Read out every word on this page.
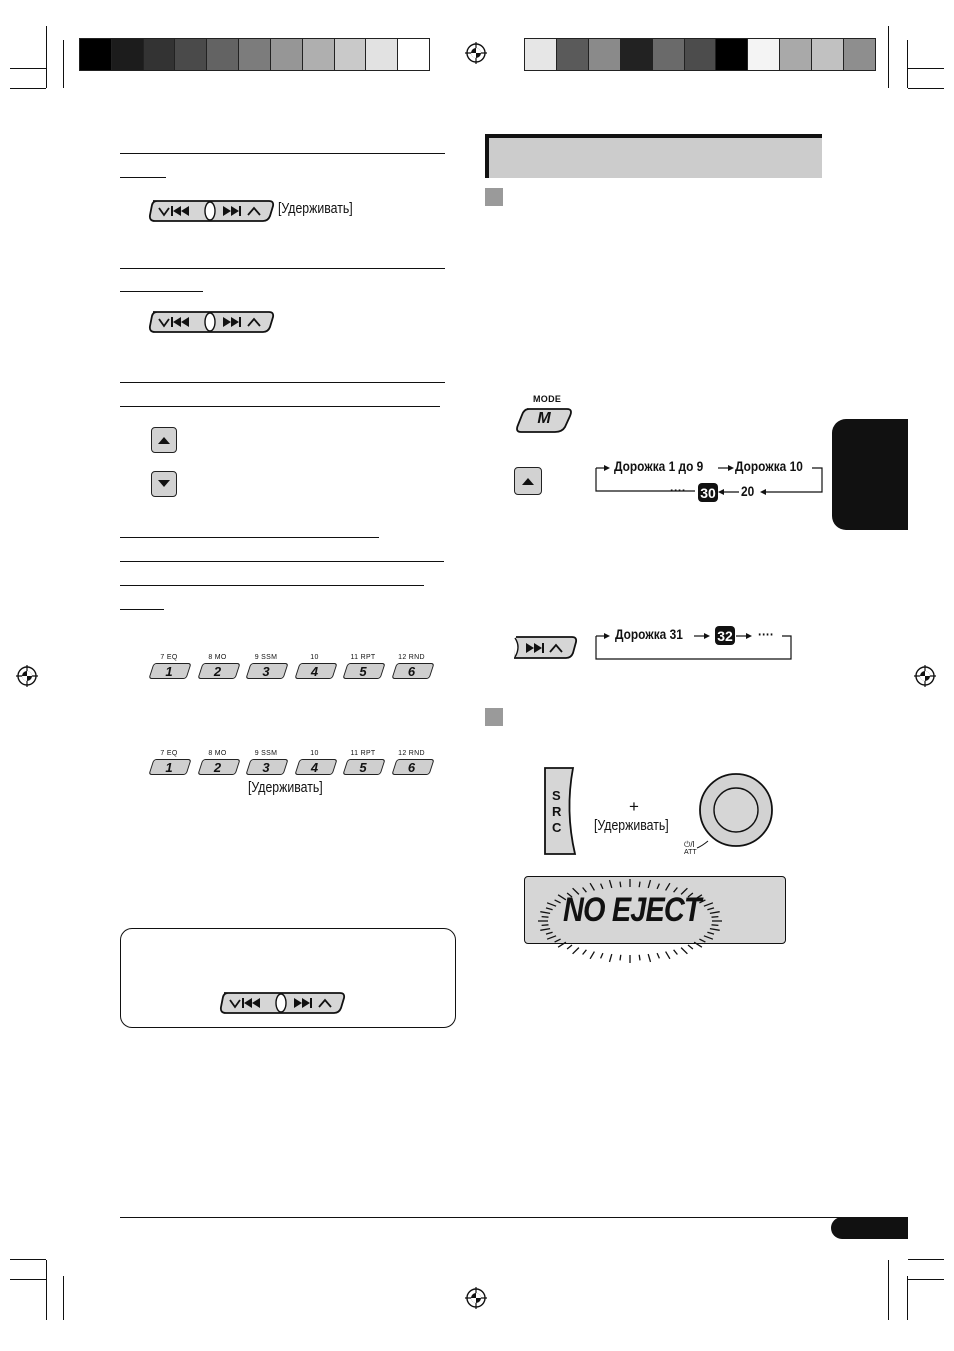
[Удерживать]
7 EQ
1
8 MO
2
9 SSM
3
10
4
11 RPT
5
12 RND
6
7 EQ
1
8 MO
2
9 SSM
3
10
4
11 RPT
5
12 RND
6
[Удерживать]
MODE
M
Дорожка 1 до 9 Дорожка 10
···· 30 20
Дорожка 31 32 ····
S
R
C
+
[Удерживать]
⏻/I
ATT
NO EJECT
